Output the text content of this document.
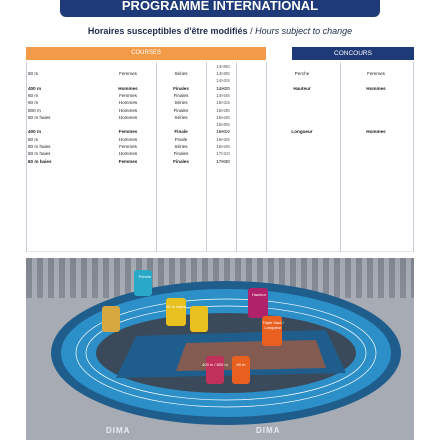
PROGRAMME INTERNATIONAL
Horaires susceptibles d'être modifiés / Hours subject to change
COURSES	CONCOURS
14H00
60 m	Femmes	Séries	14H05	Perche	Femmes
14H15
400 m	Hommes	Finales	14H20	Hauteur	Hommes
60 m	Femmes	Finales	14H45
60 m	Hommes	Séries	15H15
800 m	Hommes	Finales	15H35
60 m haies	Hommes	Séries	15H45
16H05
400 m	Femmes	Finale	16H10	Longueur	Hommes
60 m	Hommes	Finale	16H25
60 m haies	Femmes	Séries	16H45
60 m haies	Hommes	Finales	17H10
60 m haies	Femmes	Finales	17H30
DIMA	DIMA
Hauteur
Triple Saut / Longueur
Perche
400 m / 800 m	60 m
60 m haies
